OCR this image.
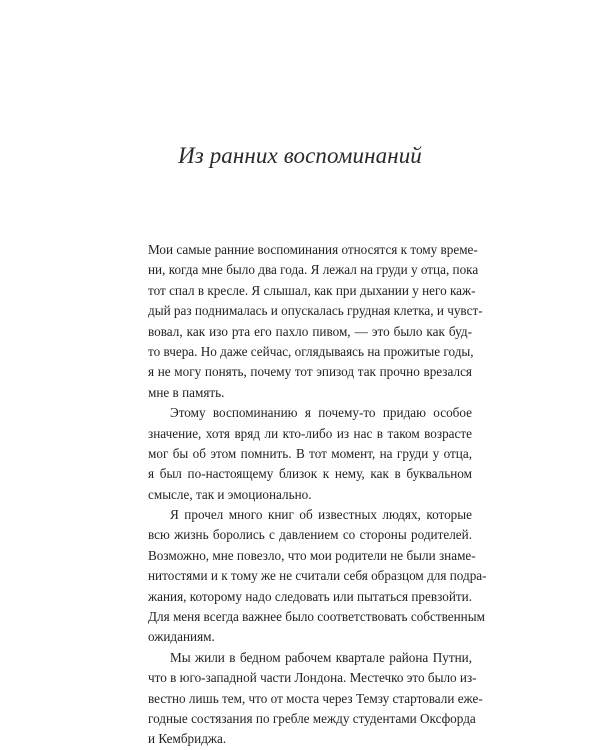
Из ранних воспоминаний

Мои самые ранние воспоминания относятся к тому време-
ни, когда мне было два года. Я лежал на груди у отца, пока
тот спал в кресле. Я слышал, как при дыхании у него каж-
дый раз поднималась и опускалась грудная клетка, и чувст-
вовал, как изо рта его пахло пивом, — это было как буд-
то вчера. Но даже сейчас, оглядываясь на прожитые годы,
я не могу понять, почему тот эпизод так прочно врезался
мне в память.

Этому воспоминанию я почему-то придаю особое
значение, хотя вряд ли кто-либо из нас в таком возрасте
мог бы об этом помнить. В тот момент, на груди у отца,
я был по-настоящему близок к нему, как в буквальном
смысле, так и эмоционально.

Я прочел много книг об известных людях, которые
всю жизнь боролись с давлением со стороны родителей.
Возможно, мне повезло, что мои родители не были знаме-
нитостями и к тому же не считали себя образцом для подра-
жания, которому надо следовать или пытаться превзойти.
Для меня всегда важнее было соответствовать собственным
ожиданиям.

Мы жили в бедном рабочем квартале района Путни,
что в юго-западной части Лондона. Местечко это было из-
вестно лишь тем, что от моста через Темзу стартовали еже-
годные состязания по гребле между студентами Оксфорда
и Кембриджа.
